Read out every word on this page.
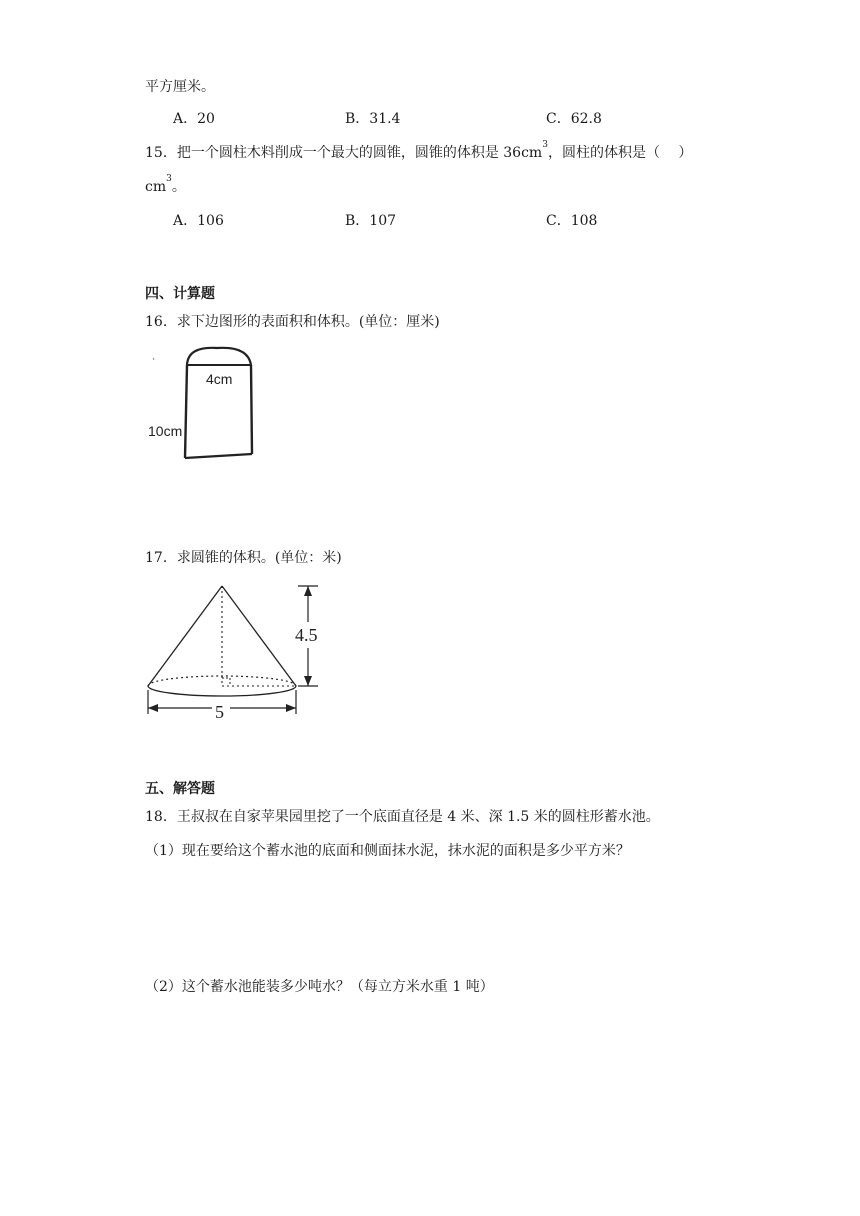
平方厘米。
A．20	B．31.4	C．62.8
15．把一个圆柱木料削成一个最大的圆锥，圆锥的体积是 $36cm^3$，圆柱的体积是（　 ）
$cm^3$。
A．106	B．107	C．108
四、计算题
16．求下边图形的表面积和体积。(单位：厘米)
4cm
10cm
17．求圆锥的体积。(单位：米)
4.5
5
五、解答题
18．王叔叔在自家苹果园里挖了一个底面直径是 4 米、深 1.5 米的圆柱形蓄水池。
（1）现在要给这个蓄水池的底面和侧面抹水泥，抹水泥的面积是多少平方米？
（2）这个蓄水池能装多少吨水？（每立方米水重 1 吨）
